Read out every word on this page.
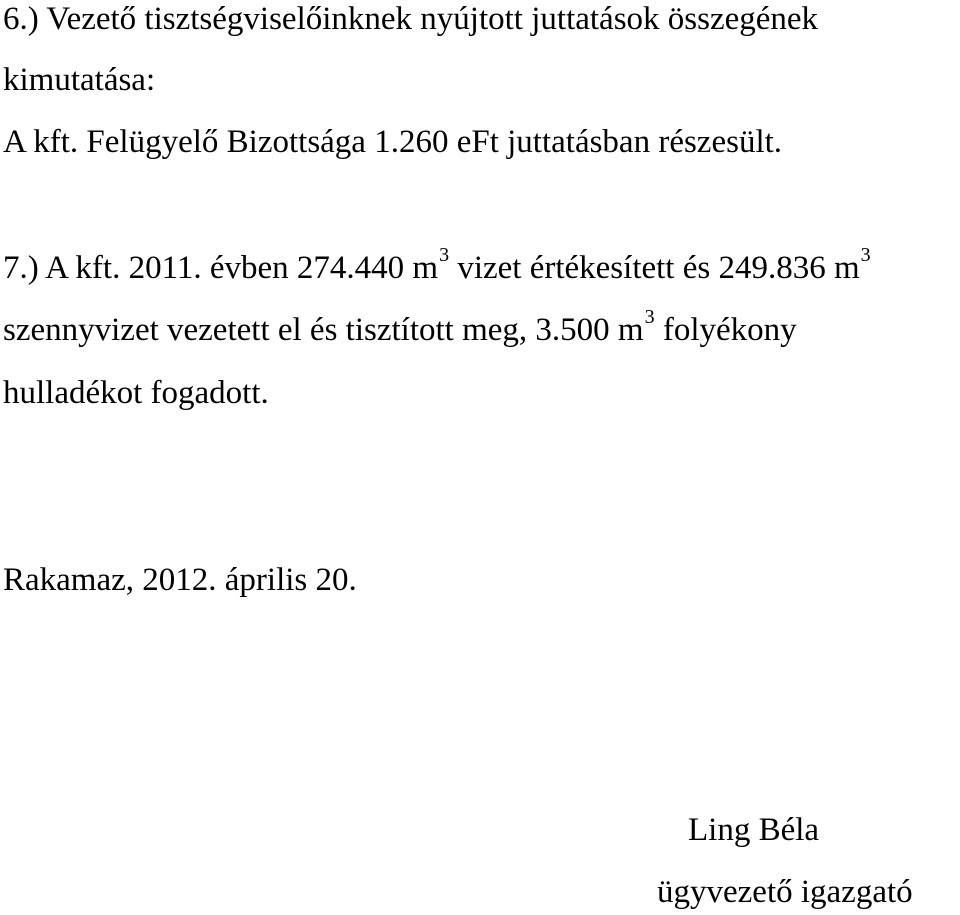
6.) Vezető tisztségviselőinknek nyújtott juttatások összegének
kimutatása:
A kft. Felügyelő Bizottsága 1.260 eFt juttatásban részesült.
7.) A kft. 2011. évben 274.440 $m^3$ vizet értékesített és 249.836 $m^3$
szennyvizet vezetett el és tisztított meg, 3.500 $m^3$ folyékony
hulladékot fogadott.
Rakamaz, 2012. április 20.
Ling Béla
ügyvezető igazgató
